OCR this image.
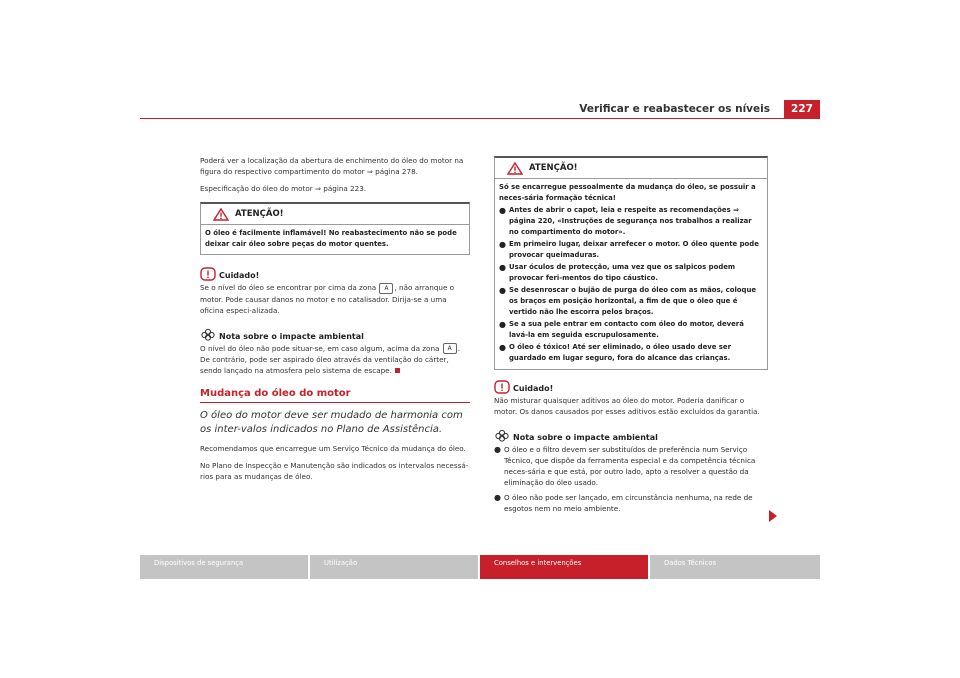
Verificar e reabastecer os níveis	227

Poderá ver a localização da abertura de enchimento do óleo do motor na figura do respectivo compartimento do motor ⇒ página 278.

Especificação do óleo do motor ⇒ página 223.

ATENÇÃO!
O óleo é facilmente inflamável! No reabastecimento não se pode deixar cair óleo sobre peças do motor quentes.
Cuidado!

Se o nível do óleo se encontrar por cima da zona A , não arranque o motor. Pode causar danos no motor e no catalisador. Dirija-se a uma oficina especi-alizada.

Nota sobre o impacte ambiental

O nível do óleo não pode situar-se, em caso algum, acima da zona A . De contrário, pode ser aspirado óleo através da ventilação do cárter, sendo lançado na atmosfera pelo sistema de escape.

Mudança do óleo do motor
O óleo do motor deve ser mudado de harmonia com os inter-valos indicados no Plano de Assistência.

Recomendamos que encarregue um Serviço Técnico da mudança do óleo.

No Plano de Inspecção e Manutenção são indicados os intervalos necessá-rios para as mudanças de óleo.

ATENÇÃO!
Só se encarregue pessoalmente da mudança do óleo, se possuir a neces-sária formação técnica!
● Antes de abrir o capot, leia e respeite as recomendações ⇒ página 220, «Instruções de segurança nos trabalhos a realizar no compartimento do motor».
● Em primeiro lugar, deixar arrefecer o motor. O óleo quente pode provocar queimaduras.
● Usar óculos de protecção, uma vez que os salpicos podem provocar feri-mentos do tipo cáustico.
● Se desenroscar o bujão de purga do óleo com as mãos, coloque os braços em posição horizontal, a fim de que o óleo que é vertido não lhe escorra pelos braços.
● Se a sua pele entrar em contacto com óleo do motor, deverá lavá-la em seguida escrupulosamente.
● O óleo é tóxico! Até ser eliminado, o óleo usado deve ser guardado em lugar seguro, fora do alcance das crianças.
Cuidado!

Não misturar quaisquer aditivos ao óleo do motor. Poderia danificar o motor. Os danos causados por esses aditivos estão excluídos da garantia.

Nota sobre o impacte ambiental
● O óleo e o filtro devem ser substituídos de preferência num Serviço Técnico, que dispõe da ferramenta especial e da competência técnica neces-sária e que está, por outro lado, apto a resolver a questão da eliminação do óleo usado.
● O óleo não pode ser lançado, em circunstância nenhuma, na rede de esgotos nem no meio ambiente.
Dispositivos de segurança	Utilização	Conselhos e intervenções	Dados Técnicos
